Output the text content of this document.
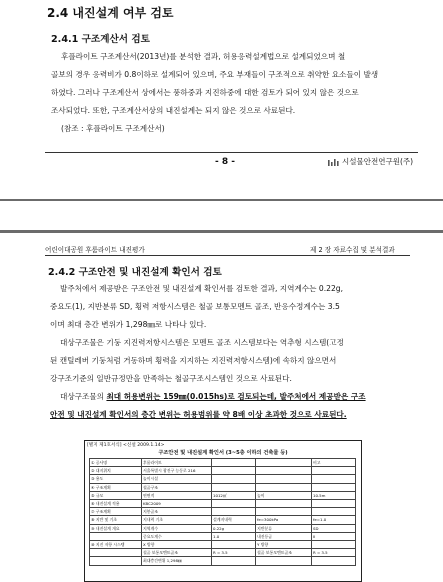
2.4 내진설계 여부 검토
2.4.1 구조계산서 검토

후플라이트 구조계산서(2013년)를 분석한 결과, 허용응력설계법으로 설계되었으며 철

골보의 경우 응력비가 0.8이하로 설계되어 있으며, 주요 부재들이 구조적으로 취약한 요소들이 발생

하였다. 그러나 구조계산서 상에서는 풍하중과 지진하중에 대한 검토가 되어 있지 않은 것으로

조사되었다. 또한, 구조계산서상의 내진설계는 되지 않은 것으로 사료된다.

(참조 : 후플라이트 구조계산서)

- 8 -	시설물안전연구원(주)
어린이대공원 후룸라이트 내진평가	제 2 장 자료수집 및 분석결과
2.4.2 구조안전 및 내진설계 확인서 검토

발주처에서 제공받은 구조안전 및 내진설계 확인서를 검토한 결과, 지역계수는 0.22g,

중요도(1), 지반분류 SD, 횡력 저항시스템은 철골 보통모멘트 골조, 반응수정계수는 3.5

이며 최대 층간 변위가 1,298㎜로 나타나 있다.

대상구조물은 기둥 지진력저항시스템은 모멘트 골조 시스템보다는 역추형 시스템(고정

된 캔틸레버 기둥처럼 거동하며 횡력을 지지하는 지진력저항시스템)에 속하지 않으면서

강구조기준의 일반규정만을 만족하는 철골구조시스템인 것으로 사료된다.

대상구조물의 최대 허용변위는 159㎜(0.015hs)로 검토되는데, 발주처에서 제공받은 구조

안전 및 내진설계 확인서의 층간 변위는 허용범위를 약 8배 이상 초과한 것으로 사료된다.

[별지 제1호서식] <신설 2009.1.14>
구조안전 및 내진설계 확인서 (3~5층 이하의 건축물 등)
① 공사명	후룸라이트			비고
② 대지위치	서울특별시 광진구 능동로 216			
③ 용도	놀이시설			
④ 구조계획	철골구조			
⑤ 규모	연면적	1012㎡	높이	10.5m
⑥ 내진설계 적용	KBC2009			
⑦ 구조계획	지붕골조			
⑧ 지반 및 기초	지내력 기초	설계지내력	fe=300kPa	fe=1.0
⑨ 내진설계 개요	지역계수	0.22g	지반분류	SD
	중요도계수	1.0	내진등급	Ⅱ
⑩ 지진 저항 시스템	X 방향		Y 방향	
	철골 보통모멘트골조	R = 3.5	철골 보통모멘트골조	R = 3.5
	최대층간변위 1,298㎜			
